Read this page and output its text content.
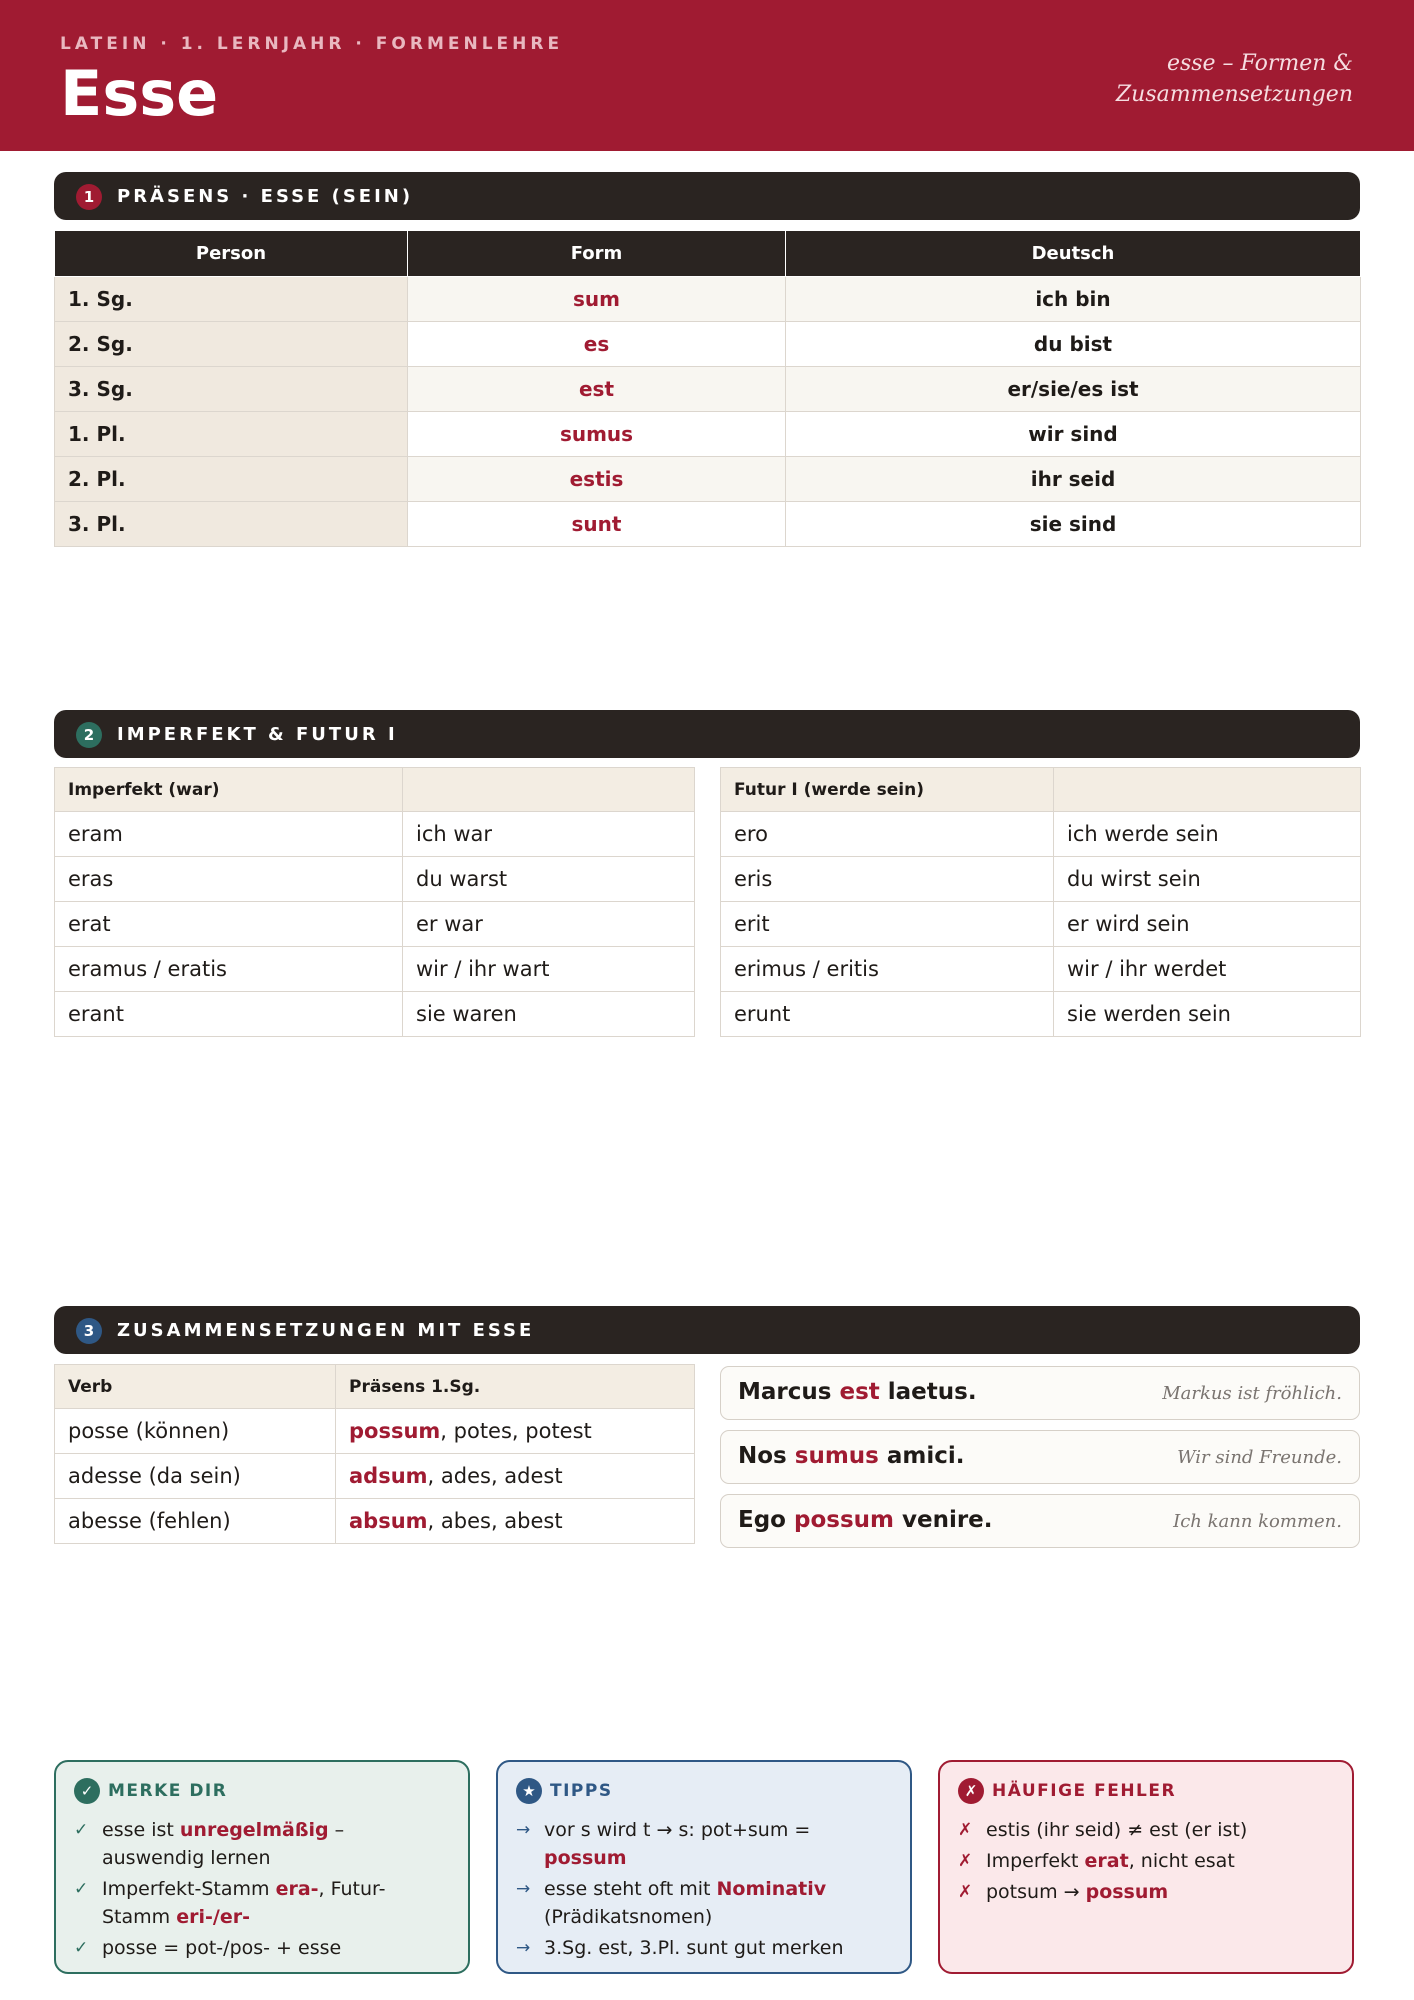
LATEIN · 1. LERNJAHR · FORMENLEHRE
Esse	esse – Formen & Zusammensetzungen
1	PRÄSENS · ESSE (SEIN)
Person	Form	Deutsch
1. Sg.	sum	ich bin
2. Sg.	es	du bist
3. Sg.	est	er/sie/es ist
1. Pl.	sumus	wir sind
2. Pl.	estis	ihr seid
3. Pl.	sunt	sie sind
2	IMPERFEKT & FUTUR I
Imperfekt (war)	
eram	ich war
eras	du warst
erat	er war
eramus / eratis	wir / ihr wart
erant	sie waren
Futur I (werde sein)	
ero	ich werde sein
eris	du wirst sein
erit	er wird sein
erimus / eritis	wir / ihr werdet
erunt	sie werden sein
3	ZUSAMMENSETZUNGEN MIT ESSE
Verb	Präsens 1.Sg.
posse (können)	possum, potes, potest
adesse (da sein)	adsum, ades, adest
abesse (fehlen)	absum, abes, abest
Marcus est laetus.	Markus ist fröhlich.
Nos sumus amici.	Wir sind Freunde.
Ego possum venire.	Ich kann kommen.
✓ MERKE DIR
✓ esse ist unregelmäßig – auswendig lernen
✓ Imperfekt-Stamm era-, Futur-Stamm eri-/er-
✓ posse = pot-/pos- + esse
★ TIPPS
→ vor s wird t → s: pot+sum = possum
→ esse steht oft mit Nominativ (Prädikatsnomen)
→ 3.Sg. est, 3.Pl. sunt gut merken
✗ HÄUFIGE FEHLER
✗ estis (ihr seid) ≠ est (er ist)
✗ Imperfekt erat, nicht esat
✗ potsum → possum
